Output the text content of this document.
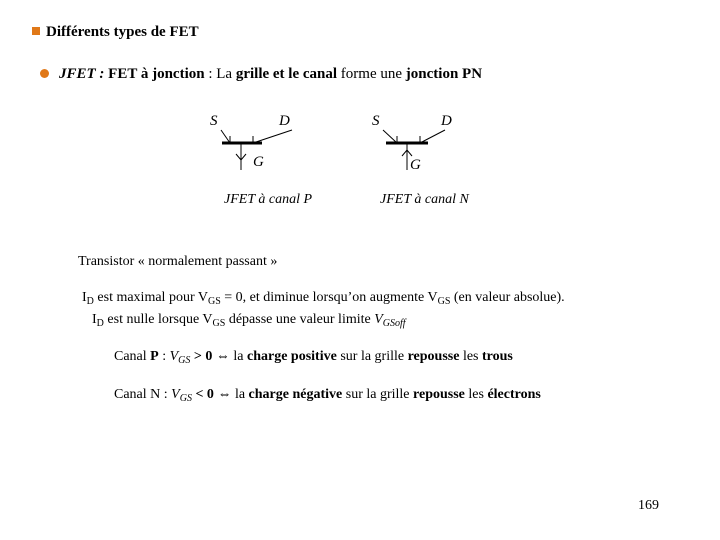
Différents types de FET
JFET : FET à jonction : La grille et le canal forme une jonction PN
S	D
G
JFET à canal P
S	D
G
JFET à canal N
Transistor « normalement passant »
$I_D$ est maximal pour $V_{GS} = 0$, et diminue lorsqu’on augmente $V_{GS}$ (en valeur absolue).
$I_D$ est nulle lorsque $V_{GS}$ dépasse une valeur limite $V_{GSoff}$
Canal P : $V_{GS} > 0$ ⇔ la charge positive sur la grille repousse les trous
Canal N : $V_{GS} < 0$ ⇔ la charge négative sur la grille repousse les électrons
169
